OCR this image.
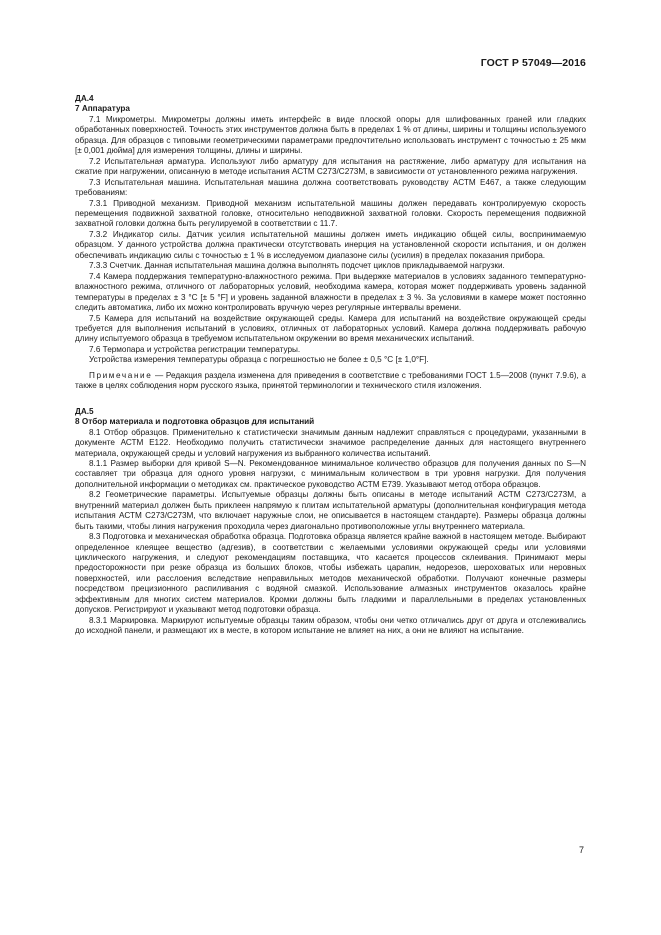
ГОСТ Р 57049—2016

ДА.4

7 Аппаратура

7.1 Микрометры. Микрометры должны иметь интерфейс в виде плоской опоры для шлифованных граней или гладких обработанных поверхностей. Точность этих инструментов должна быть в пределах 1 % от длины, ширины и толщины используемого образца. Для образцов с типовыми геометрическими параметрами предпочтительно использовать инструмент с точностью ± 25 мкм [± 0,001 дюйма] для измерения толщины, длины и ширины.

7.2 Испытательная арматура. Используют либо арматуру для испытания на растяжение, либо арматуру для испытания на сжатие при нагружении, описанную в методе испытания АСТМ С273/С273М, в зависимости от установленного режима нагружения.

7.3 Испытательная машина. Испытательная машина должна соответствовать руководству АСТМ Е467, а также следующим требованиям:

7.3.1 Приводной механизм. Приводной механизм испытательной машины должен передавать контролируемую скорость перемещения подвижной захватной головке, относительно неподвижной захватной головки. Скорость перемещения подвижной захватной головки должна быть регулируемой в соответствии с 11.7.

7.3.2 Индикатор силы. Датчик усилия испытательной машины должен иметь индикацию общей силы, воспринимаемую образцом. У данного устройства должна практически отсутствовать инерция на установленной скорости испытания, и он должен обеспечивать индикацию силы с точностью ± 1 % в исследуемом диапазоне силы (усилия) в пределах показания прибора.

7.3.3 Счетчик. Данная испытательная машина должна выполнять подсчет циклов прикладываемой нагрузки.

7.4 Камера поддержания температурно-влажностного режима. При выдержке материалов в условиях заданного температурно-влажностного режима, отличного от лабораторных условий, необходима камера, которая может поддерживать уровень заданной температуры в пределах ± 3 °С [± 5 °F] и уровень заданной влажности в пределах ± 3 %. За условиями в камере может постоянно следить автоматика, либо их можно контролировать вручную через регулярные интервалы времени.

7.5 Камера для испытаний на воздействие окружающей среды. Камера для испытаний на воздействие окружающей среды требуется для выполнения испытаний в условиях, отличных от лабораторных условий. Камера должна поддерживать рабочую длину испытуемого образца в требуемом испытательном окружении во время механических испытаний.

7.6 Термопара и устройства регистрации температуры.

Устройства измерения температуры образца с погрешностью не более ± 0,5 °С [± 1,0°F].

Примечание — Редакция раздела изменена для приведения в соответствие с требованиями ГОСТ 1.5—2008 (пункт 7.9.6), а также в целях соблюдения норм русского языка, принятой терминологии и технического стиля изложения.

ДА.5

8 Отбор материала и подготовка образцов для испытаний

8.1 Отбор образцов. Применительно к статистически значимым данным надлежит справляться с процедурами, указанными в документе АСТМ Е122. Необходимо получить статистически значимое распределение данных для настоящего внутреннего материала, окружающей среды и условий нагружения из выбранного количества испытаний.

8.1.1 Размер выборки для кривой S—N. Рекомендованное минимальное количество образцов для получения данных по S—N составляет три образца для одного уровня нагрузки, с минимальным количеством в три уровня нагрузки. Для получения дополнительной информации о методиках см. практическое руководство АСТМ Е739. Указывают метод отбора образцов.

8.2 Геометрические параметры. Испытуемые образцы должны быть описаны в методе испытаний АСТМ С273/С273М, а внутренний материал должен быть приклеен напрямую к плитам испытательной арматуры (дополнительная конфигурация метода испытания АСТМ С273/С273М, что включает наружные слои, не описывается в настоящем стандарте). Размеры образца должны быть такими, чтобы линия нагружения проходила через диагонально противоположные углы внутреннего материала.

8.3 Подготовка и механическая обработка образца. Подготовка образца является крайне важной в настоящем методе. Выбирают определенное клеящее вещество (адгезив), в соответствии с желаемыми условиями окружающей среды или условиями циклического нагружения, и следуют рекомендациям поставщика, что касается процессов склеивания. Принимают меры предосторожности при резке образца из больших блоков, чтобы избежать царапин, недорезов, шероховатых или неровных поверхностей, или расслоения вследствие неправильных методов механической обработки. Получают конечные размеры посредством прецизионного распиливания с водяной смазкой. Использование алмазных инструментов оказалось крайне эффективным для многих систем материалов. Кромки должны быть гладкими и параллельными в пределах установленных допусков. Регистрируют и указывают метод подготовки образца.

8.3.1 Маркировка. Маркируют испытуемые образцы таким образом, чтобы они четко отличались друг от друга и отслеживались до исходной панели, и размещают их в месте, в котором испытание не влияет на них, а они не влияют на испытание.

7
